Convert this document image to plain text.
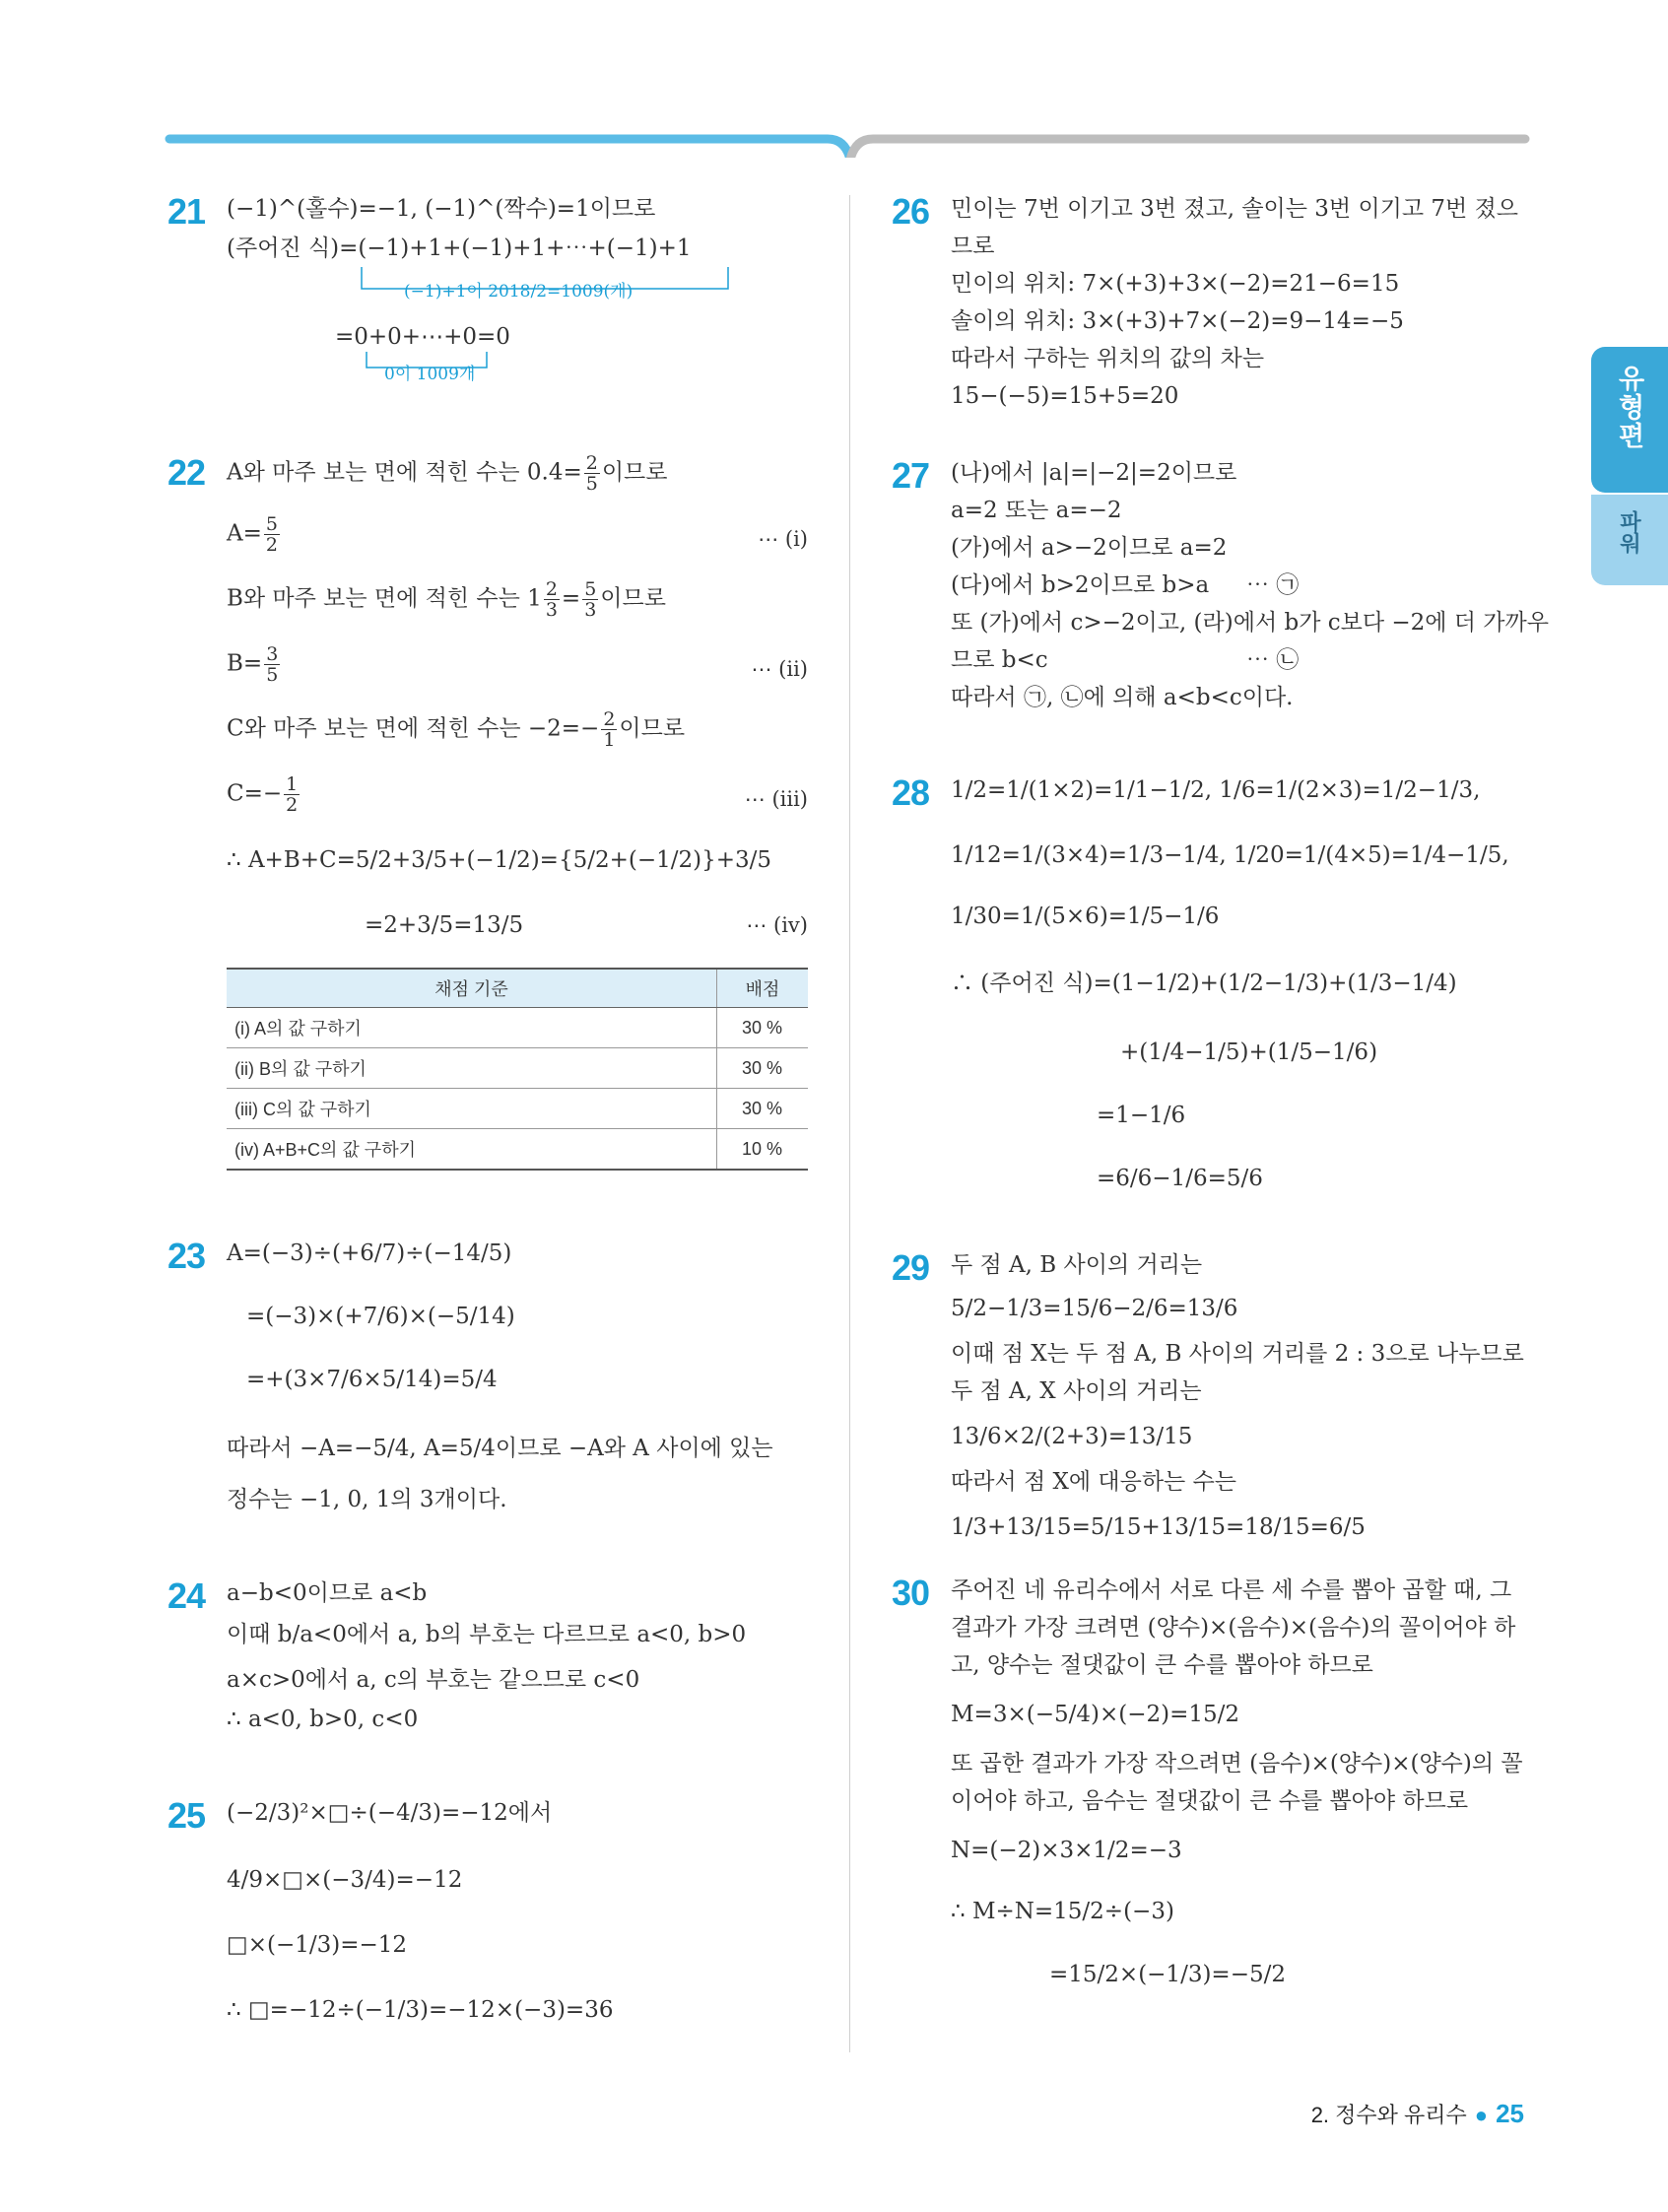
유형편
파워
21 (−1)^(홀수)=−1, (−1)^(짝수)=1이므로
(주어진 식)=(−1)+1+(−1)+1+⋯+(−1)+1
(−1)+1이 2018/2=1009(개)
=0+0+⋯+0=0
0이 1009개
22 A와 마주 보는 면에 적힌 수는 $0.4= \frac{2}{5}$ 이므로
$A= \frac{5}{2}$	⋯ (i)
B와 마주 보는 면에 적힌 수는 $1 \frac{2}{3} = \frac{5}{3}$ 이므로
$B= \frac{3}{5}$	⋯ (ii)
C와 마주 보는 면에 적힌 수는 $-2=- \frac{2}{1}$ 이므로
$C=- \frac{1}{2}$	⋯ (iii)
∴ A+B+C=5/2+3/5+(−1/2)={5/2+(−1/2)}+3/5
=2+3/5=13/5	⋯ (iv)
채점 기준	배점
(i) A의 값 구하기	30 %
(ii) B의 값 구하기	30 %
(iii) C의 값 구하기	30 %
(iv) A+B+C의 값 구하기	10 %
23 A=(−3)÷(+6/7)÷(−14/5)
=(−3)×(+7/6)×(−5/14)
=+(3×7/6×5/14)=5/4
따라서 −A=−5/4, A=5/4이므로 −A와 A 사이에 있는
정수는 −1, 0, 1의 3개이다.
24 a−b<0이므로 a<b
이때 b/a<0에서 a, b의 부호는 다르므로 a<0, b>0
a×c>0에서 a, c의 부호는 같으므로 c<0
∴ a<0, b>0, c<0
25 (−2/3)²×□÷(−4/3)=−12에서
4/9×□×(−3/4)=−12
□×(−1/3)=−12
∴ □=−12÷(−1/3)=−12×(−3)=36
26 민이는 7번 이기고 3번 졌고, 솔이는 3번 이기고 7번 졌으
므로
민이의 위치: 7×(+3)+3×(−2)=21−6=15
솔이의 위치: 3×(+3)+7×(−2)=9−14=−5
따라서 구하는 위치의 값의 차는
15−(−5)=15+5=20
27 (나)에서 |a|=|−2|=2이므로
a=2 또는 a=−2
(가)에서 a>−2이므로 a=2
(다)에서 b>2이므로 b>a ⋯ ㉠
또 (가)에서 c>−2이고, (라)에서 b가 c보다 −2에 더 가까우
므로 b<c	⋯ ㉡
따라서 ㉠, ㉡에 의해 a<b<c이다.
28 1/2=1/(1×2)=1/1−1/2, 1/6=1/(2×3)=1/2−1/3,
1/12=1/(3×4)=1/3−1/4, 1/20=1/(4×5)=1/4−1/5,
1/30=1/(5×6)=1/5−1/6
∴ (주어진 식)=(1−1/2)+(1/2−1/3)+(1/3−1/4)
+(1/4−1/5)+(1/5−1/6)
=1−1/6
=6/6−1/6=5/6
29 두 점 A, B 사이의 거리는
5/2−1/3=15/6−2/6=13/6
이때 점 X는 두 점 A, B 사이의 거리를 2 : 3으로 나누므로
두 점 A, X 사이의 거리는
13/6×2/(2+3)=13/15
따라서 점 X에 대응하는 수는
1/3+13/15=5/15+13/15=18/15=6/5
30 주어진 네 유리수에서 서로 다른 세 수를 뽑아 곱할 때, 그
결과가 가장 크려면 (양수)×(음수)×(음수)의 꼴이어야 하
고, 양수는 절댓값이 큰 수를 뽑아야 하므로
M=3×(−5/4)×(−2)=15/2
또 곱한 결과가 가장 작으려면 (음수)×(양수)×(양수)의 꼴
이어야 하고, 음수는 절댓값이 큰 수를 뽑아야 하므로
N=(−2)×3×1/2=−3
∴ M÷N=15/2÷(−3)
=15/2×(−1/3)=−5/2
2. 정수와 유리수 ● 25
